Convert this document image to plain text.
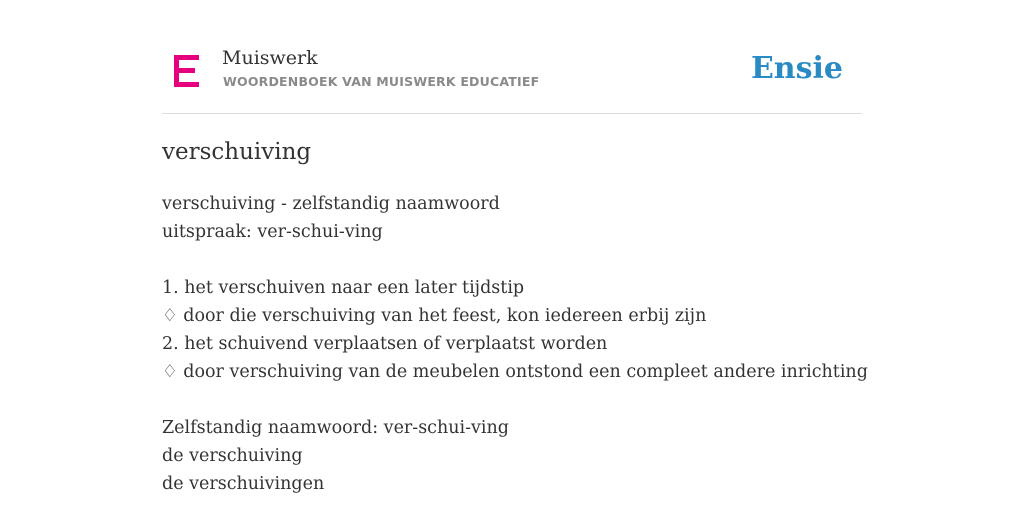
Muiswerk
WOORDENBOEK VAN MUISWERK EDUCATIEF	Ensie
verschuiving
verschuiving - zelfstandig naamwoord
uitspraak: ver-schui-ving
1. het verschuiven naar een later tijdstip
♢ door die verschuiving van het feest, kon iedereen erbij zijn
2. het schuivend verplaatsen of verplaatst worden
♢ door verschuiving van de meubelen ontstond een compleet andere inrichting
Zelfstandig naamwoord: ver-schui-ving
de verschuiving
de verschuivingen
